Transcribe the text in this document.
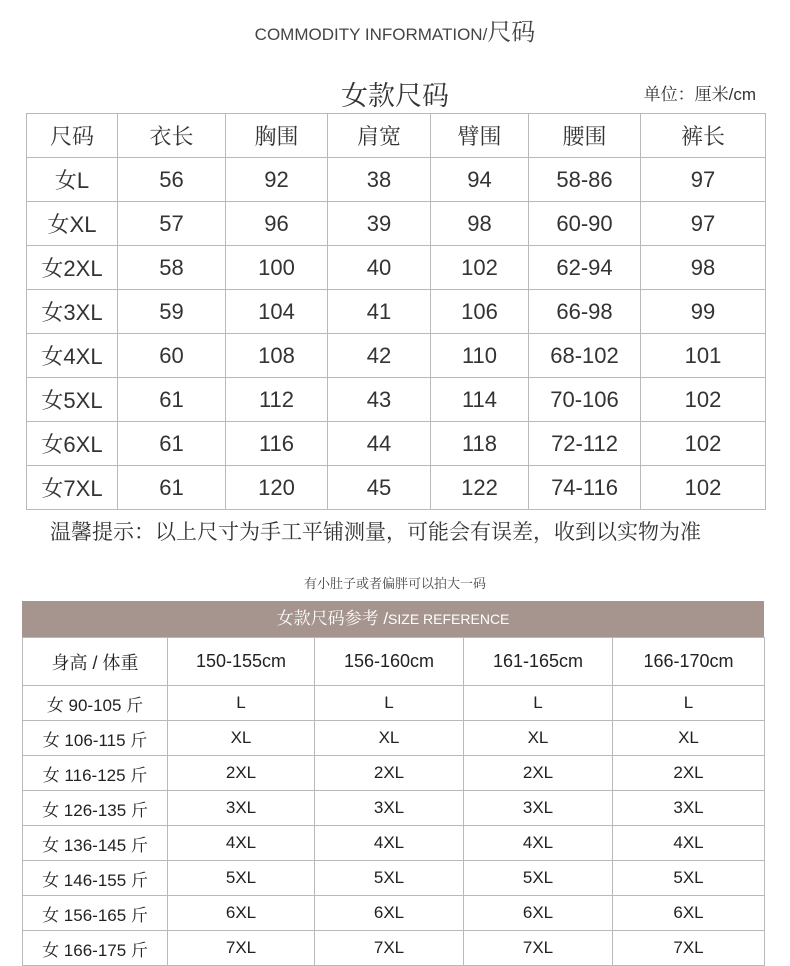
COMMODITY INFORMATION/尺码
女款尺码	单位：厘米/cm
尺码	衣长	胸围	肩宽	臂围	腰围	裤长
女L	56	92	38	94	58-86	97
女XL	57	96	39	98	60-90	97
女2XL	58	100	40	102	62-94	98
女3XL	59	104	41	106	66-98	99
女4XL	60	108	42	110	68-102	101
女5XL	61	112	43	114	70-106	102
女6XL	61	116	44	118	72-112	102
女7XL	61	120	45	122	74-116	102
温馨提示：以上尺寸为手工平铺测量，可能会有误差，收到以实物为准
有小肚子或者偏胖可以拍大一码
女款尺码参考 /SIZE REFERENCE
身高 / 体重	150-155cm	156-160cm	161-165cm	166-170cm
女 90-105 斤	L	L	L	L
女 106-115 斤	XL	XL	XL	XL
女 116-125 斤	2XL	2XL	2XL	2XL
女 126-135 斤	3XL	3XL	3XL	3XL
女 136-145 斤	4XL	4XL	4XL	4XL
女 146-155 斤	5XL	5XL	5XL	5XL
女 156-165 斤	6XL	6XL	6XL	6XL
女 166-175 斤	7XL	7XL	7XL	7XL
